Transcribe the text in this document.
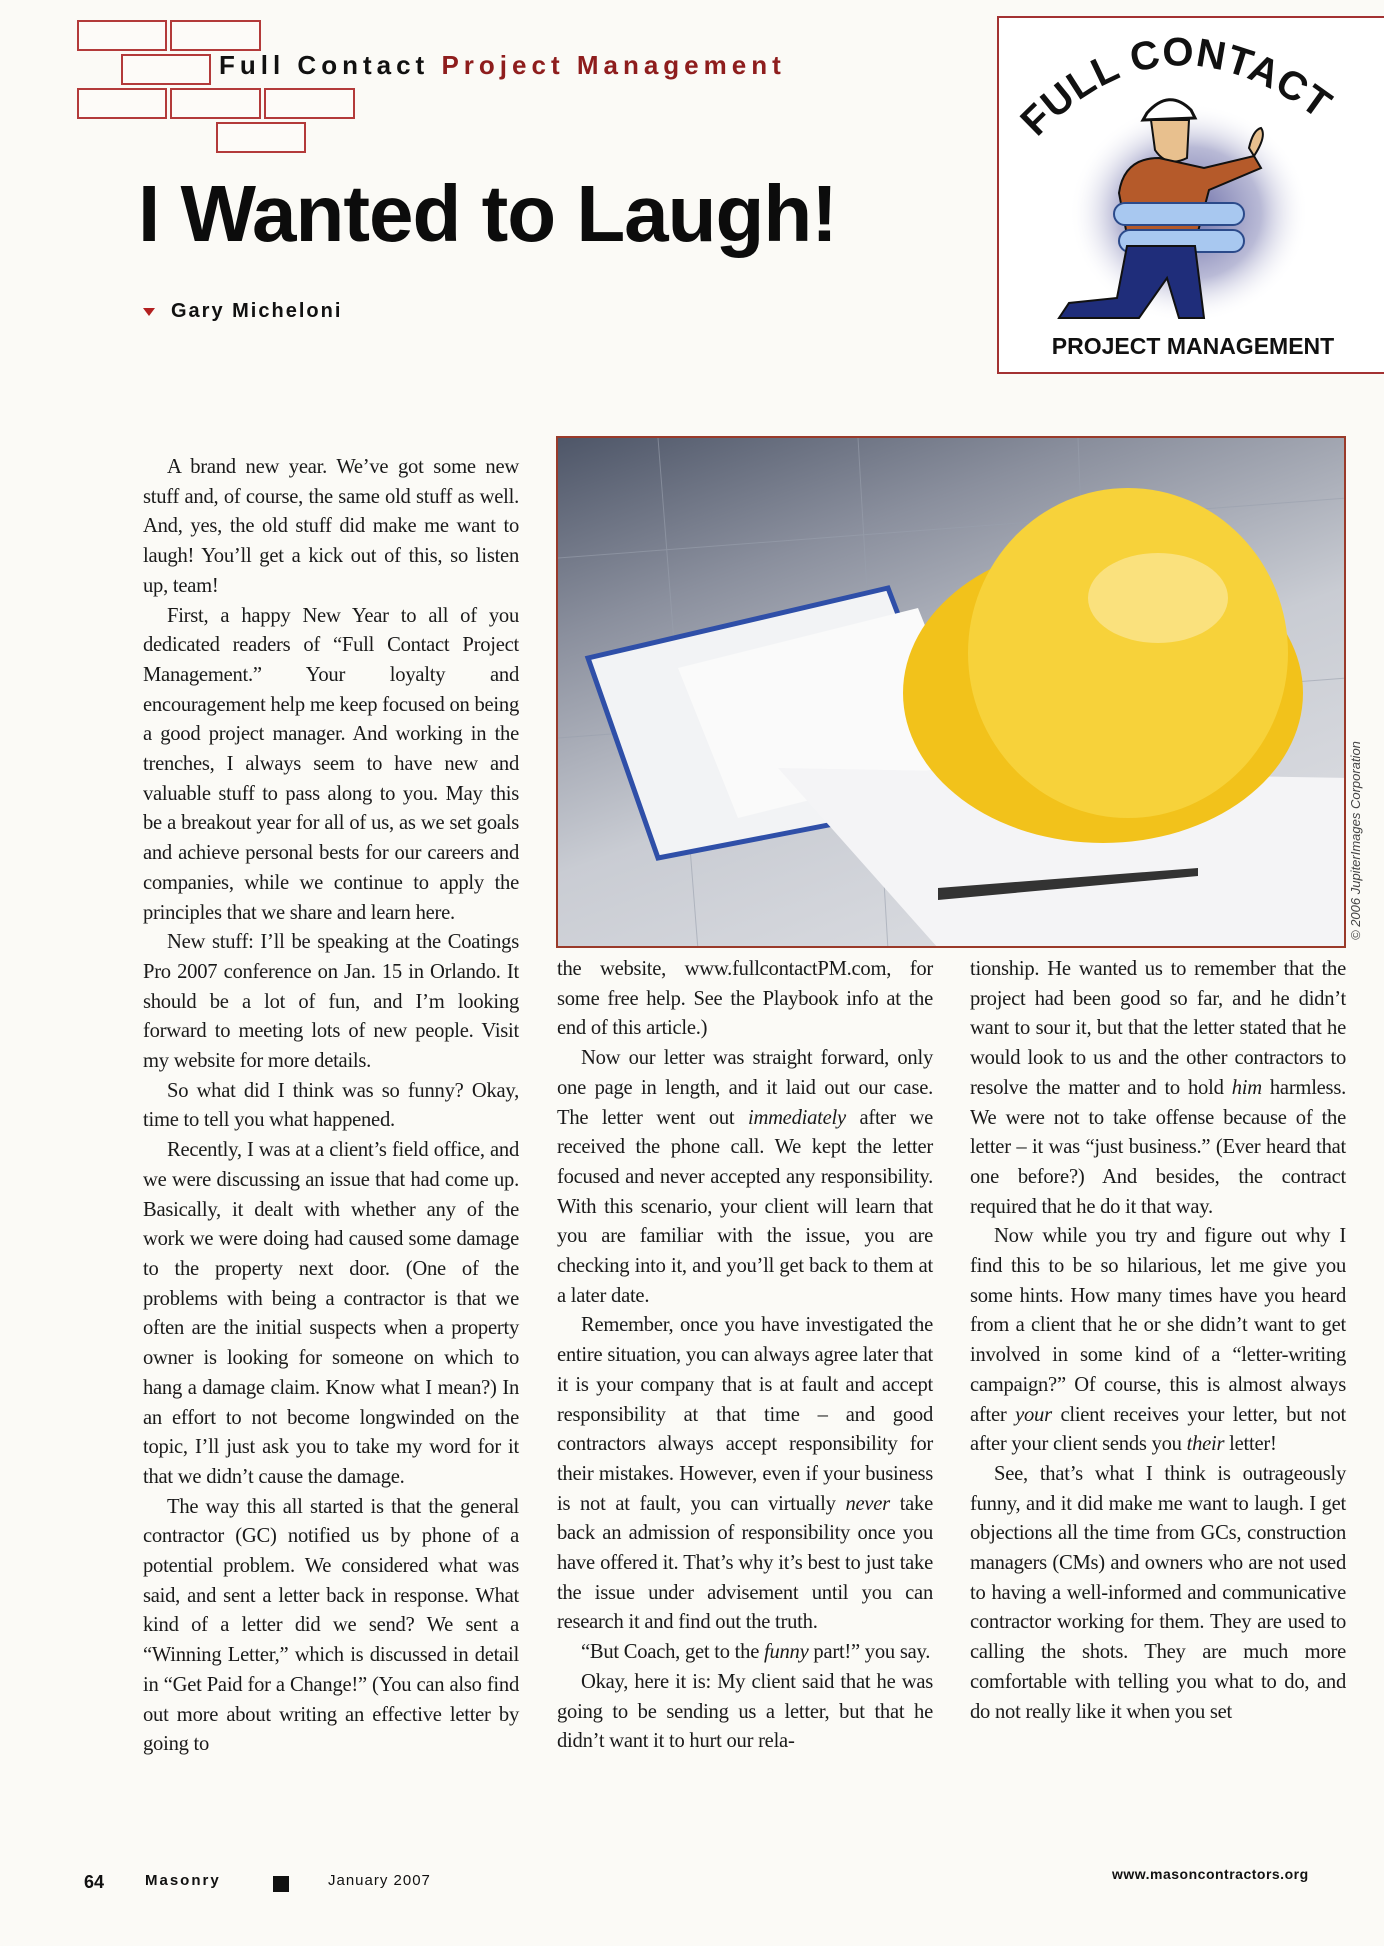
Full Contact Project Management
I Wanted to Laugh!
Gary Micheloni
FULL CONTACT
PROJECT MANAGEMENT
© 2006 JupiterImages Corporation

A brand new year. We’ve got some new stuff and, of course, the same old stuff as well. And, yes, the old stuff did make me want to laugh! You’ll get a kick out of this, so listen up, team!

First, a happy New Year to all of you dedicated readers of “Full Contact Project Management.” Your loyalty and encouragement help me keep focused on being a good project manager. And working in the trenches, I always seem to have new and valuable stuff to pass along to you. May this be a breakout year for all of us, as we set goals and achieve personal bests for our careers and companies, while we continue to apply the principles that we share and learn here.

New stuff: I’ll be speaking at the Coatings Pro 2007 conference on Jan. 15 in Orlando. It should be a lot of fun, and I’m looking forward to meeting lots of new people. Visit my website for more details.

So what did I think was so funny? Okay, time to tell you what happened.

Recently, I was at a client’s field office, and we were discussing an issue that had come up. Basically, it dealt with whether any of the work we were doing had caused some damage to the property next door. (One of the problems with being a contractor is that we often are the initial suspects when a property owner is looking for someone on which to hang a damage claim. Know what I mean?) In an effort to not become longwinded on the topic, I’ll just ask you to take my word for it that we didn’t cause the damage.

The way this all started is that the general contractor (GC) notified us by phone of a potential problem. We considered what was said, and sent a letter back in response. What kind of a letter did we send? We sent a “Winning Letter,” which is discussed in detail in “Get Paid for a Change!” (You can also find out more about writing an effective letter by going to

the website, www.fullcontactPM.com, for some free help. See the Playbook info at the end of this article.)

Now our letter was straight forward, only one page in length, and it laid out our case. The letter went out immediately after we received the phone call. We kept the letter focused and never accepted any responsibility. With this scenario, your client will learn that you are familiar with the issue, you are checking into it, and you’ll get back to them at a later date.

Remember, once you have investigated the entire situation, you can always agree later that it is your company that is at fault and accept responsibility at that time – and good contractors always accept responsibility for their mistakes. However, even if your business is not at fault, you can virtually never take back an admission of responsibility once you have offered it. That’s why it’s best to just take the issue under advisement until you can research it and find out the truth.

“But Coach, get to the funny part!” you say.

Okay, here it is: My client said that he was going to be sending us a letter, but that he didn’t want it to hurt our rela-

tionship. He wanted us to remember that the project had been good so far, and he didn’t want to sour it, but that the letter stated that he would look to us and the other contractors to resolve the matter and to hold him harmless. We were not to take offense because of the letter – it was “just business.” (Ever heard that one before?) And besides, the contract required that he do it that way.

Now while you try and figure out why I find this to be so hilarious, let me give you some hints. How many times have you heard from a client that he or she didn’t want to get involved in some kind of a “letter-writing campaign?” Of course, this is almost always after your client receives your letter, but not after your client sends you their letter!

See, that’s what I think is outrageously funny, and it did make me want to laugh. I get objections all the time from GCs, construction managers (CMs) and owners who are not used to having a well-informed and communicative contractor working for them. They are used to calling the shots. They are much more comfortable with telling you what to do, and do not really like it when you set

64	Masonry	January 2007	www.masoncontractors.org
